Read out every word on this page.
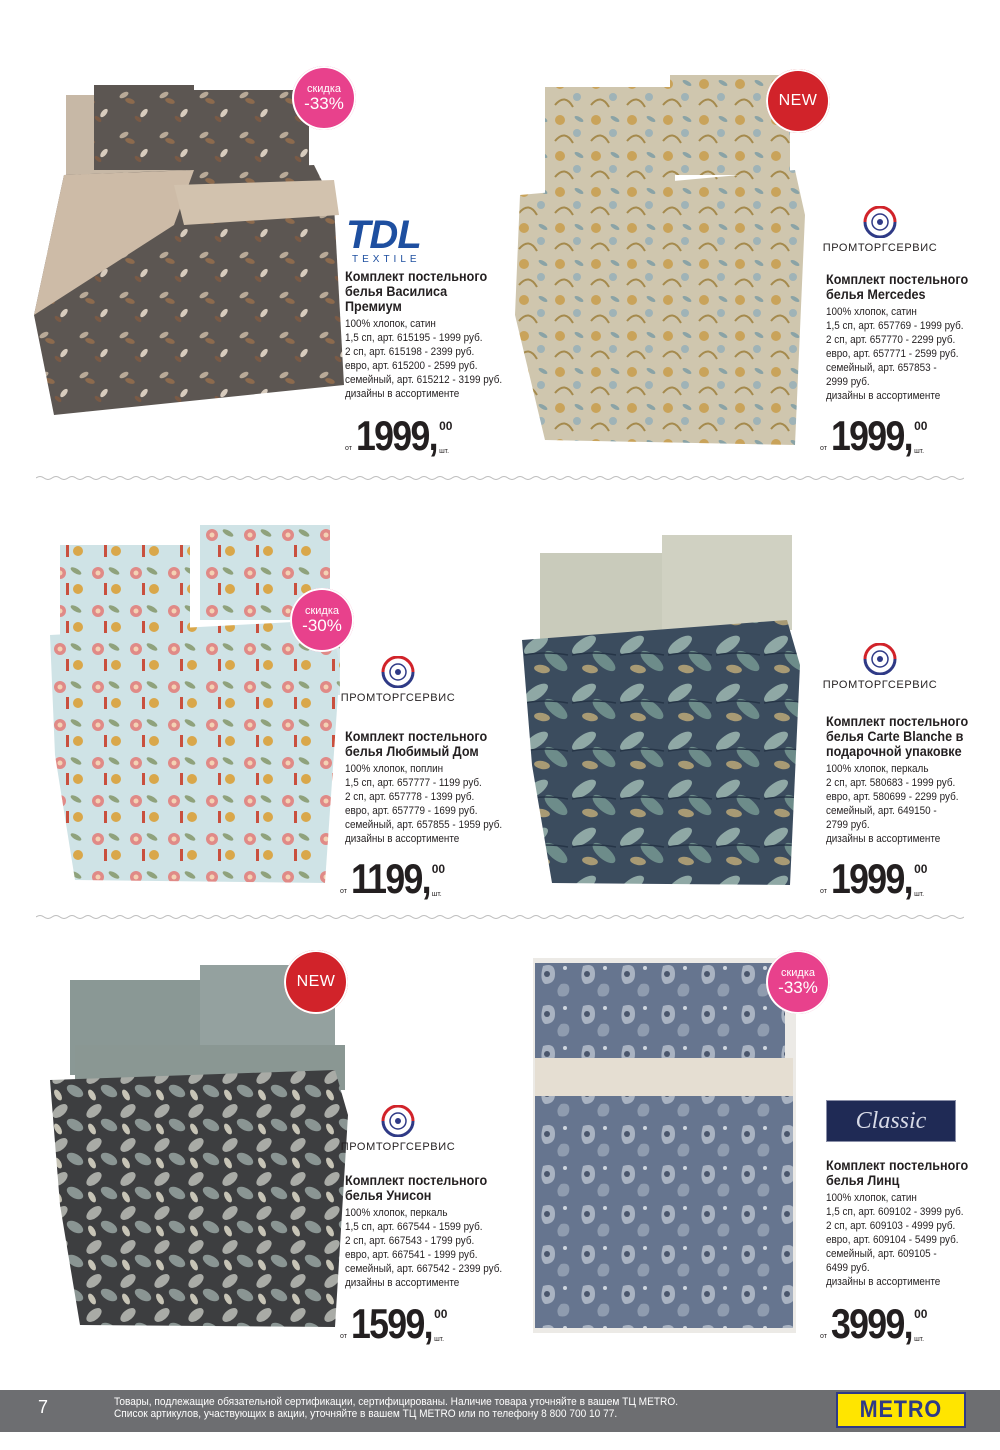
скидка
-33%
TDL
TEXTILE
Комплект постельного
белья Василиса
Премиум
100% хлопок, сатин
1,5 сп, арт. 615195 - 1999 руб.
2 сп, арт. 615198 - 2399 руб.
евро, арт. 615200 - 2599 руб.
семейный, арт. 615212 - 3199 руб.
дизайны в ассортименте
от 1999, 00
шт.
NEW
ПРОМТОРГСЕРВИС
Комплект постельного
белья Mercedes
100% хлопок, сатин
1,5 сп, арт. 657769 - 1999 руб.
2 сп, арт. 657770 - 2299 руб.
евро, арт. 657771 - 2599 руб.
семейный, арт. 657853 -
2999 руб.
дизайны в ассортименте
от 1999, 00
шт.
скидка
-30%
ПРОМТОРГСЕРВИС
Комплект постельного
белья Любимый Дом
100% хлопок, поплин
1,5 сп, арт. 657777 - 1199 руб.
2 сп, арт. 657778 - 1399 руб.
евро, арт. 657779 - 1699 руб.
семейный, арт. 657855 - 1959 руб.
дизайны в ассортименте
от 1199, 00
шт.
ПРОМТОРГСЕРВИС
Комплект постельного
белья Carte Blanche в
подарочной упаковке
100% хлопок, перкаль
2 сп, арт. 580683 - 1999 руб.
евро, арт. 580699 - 2299 руб.
семейный, арт. 649150 -
2799 руб.
дизайны в ассортименте
от 1999, 00
шт.
NEW
ПРОМТОРГСЕРВИС
Комплект постельного
белья Унисон
100% хлопок, перкаль
1,5 сп, арт. 667544 - 1599 руб.
2 сп, арт. 667543 - 1799 руб.
евро, арт. 667541 - 1999 руб.
семейный, арт. 667542 - 2399 руб.
дизайны в ассортименте
от 1599, 00
шт.
скидка
-33%
Classic
Комплект постельного
белья Линц
100% хлопок, сатин
1,5 сп, арт. 609102 - 3999 руб.
2 сп, арт. 609103 - 4999 руб.
евро, арт. 609104 - 5499 руб.
семейный, арт. 609105 -
6499 руб.
дизайны в ассортименте
от 3999, 00
шт.
7	Товары, подлежащие обязательной сертификации, сертифицированы. Наличие товара уточняйте в вашем ТЦ METRO.
Список артикулов, участвующих в акции, уточняйте в вашем ТЦ METRO или по телефону 8 800 700 10 77.	METRO
